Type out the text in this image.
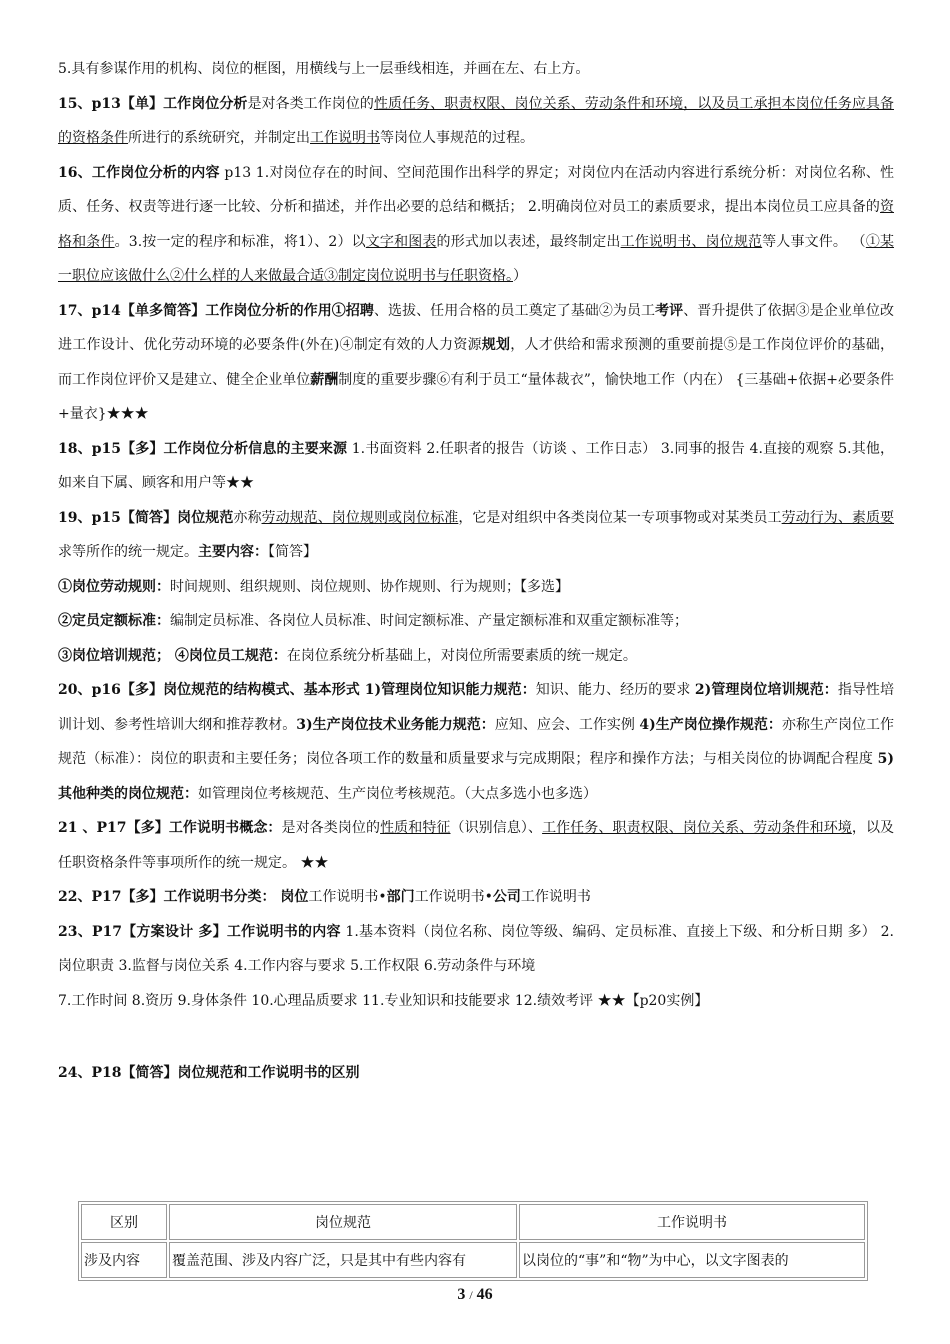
5.具有参谋作用的机构、岗位的框图，用横线与上一层垂线相连，并画在左、右上方。

15、p13【单】工作岗位分析是对各类工作岗位的性质任务、职责权限、岗位关系、劳动条件和环境，以及员工承担本岗位任务应具备的资格条件所进行的系统研究，并制定出工作说明书等岗位人事规范的过程。

16、工作岗位分析的内容 p13 1.对岗位存在的时间、空间范围作出科学的界定；对岗位内在活动内容进行系统分析：对岗位名称、性质、任务、权责等进行逐一比较、分析和描述，并作出必要的总结和概括； 2.明确岗位对员工的素质要求，提出本岗位员工应具备的资格和条件。3.按一定的程序和标准，将1）、2）以文字和图表的形式加以表述，最终制定出工作说明书、岗位规范等人事文件。 （①某一职位应该做什么②什么样的人来做最合适③制定岗位说明书与任职资格。）

17、p14【单多简答】工作岗位分析的作用①招聘、选拔、任用合格的员工奠定了基础②为员工考评、晋升提供了依据③是企业单位改进工作设计、优化劳动环境的必要条件(外在)④制定有效的人力资源规划，人才供给和需求预测的重要前提⑤是工作岗位评价的基础，而工作岗位评价又是建立、健全企业单位薪酬制度的重要步骤⑥有利于员工“量体裁衣”，愉快地工作（内在） {三基础+依据+必要条件+量衣}★★★

18、p15【多】工作岗位分析信息的主要来源 1.书面资料 2.任职者的报告（访谈 、工作日志） 3.同事的报告 4.直接的观察 5.其他，如来自下属、顾客和用户等★★

19、p15【简答】岗位规范亦称劳动规范、岗位规则或岗位标准，它是对组织中各类岗位某一专项事物或对某类员工劳动行为、素质要求等所作的统一规定。主要内容：【简答】

①岗位劳动规则：时间规则、组织规则、岗位规则、协作规则、行为规则；【多选】

②定员定额标准：编制定员标准、各岗位人员标准、时间定额标准、产量定额标准和双重定额标准等；

③岗位培训规范； ④岗位员工规范：在岗位系统分析基础上，对岗位所需要素质的统一规定。

20、p16【多】岗位规范的结构模式、基本形式 1)管理岗位知识能力规范：知识、能力、经历的要求 2)管理岗位培训规范：指导性培训计划、参考性培训大纲和推荐教材。3)生产岗位技术业务能力规范：应知、应会、工作实例 4)生产岗位操作规范：亦称生产岗位工作规范（标准）：岗位的职责和主要任务；岗位各项工作的数量和质量要求与完成期限；程序和操作方法；与相关岗位的协调配合程度 5)其他种类的岗位规范：如管理岗位考核规范、生产岗位考核规范。（大点多选小也多选）

21 、P17【多】工作说明书概念：是对各类岗位的性质和特征（识别信息）、工作任务、职责权限、岗位关系、劳动条件和环境，以及任职资格条件等事项所作的统一规定。 ★★

22、P17【多】工作说明书分类： 岗位工作说明书•部门工作说明书•公司工作说明书

23、P17【方案设计 多】工作说明书的内容 1.基本资料（岗位名称、岗位等级、编码、定员标准、直接上下级、和分析日期 多） 2.岗位职责 3.监督与岗位关系 4.工作内容与要求 5.工作权限 6.劳动条件与环境

7.工作时间 8.资历 9.身体条件 10.心理品质要求 11.专业知识和技能要求 12.绩效考评 ★★【p20实例】

24、P18【简答】岗位规范和工作说明书的区别

区别	岗位规范	工作说明书
涉及内容	覆盖范围、涉及内容广泛，只是其中有些内容有	以岗位的“事”和“物”为中心，以文字图表的
3 / 46
